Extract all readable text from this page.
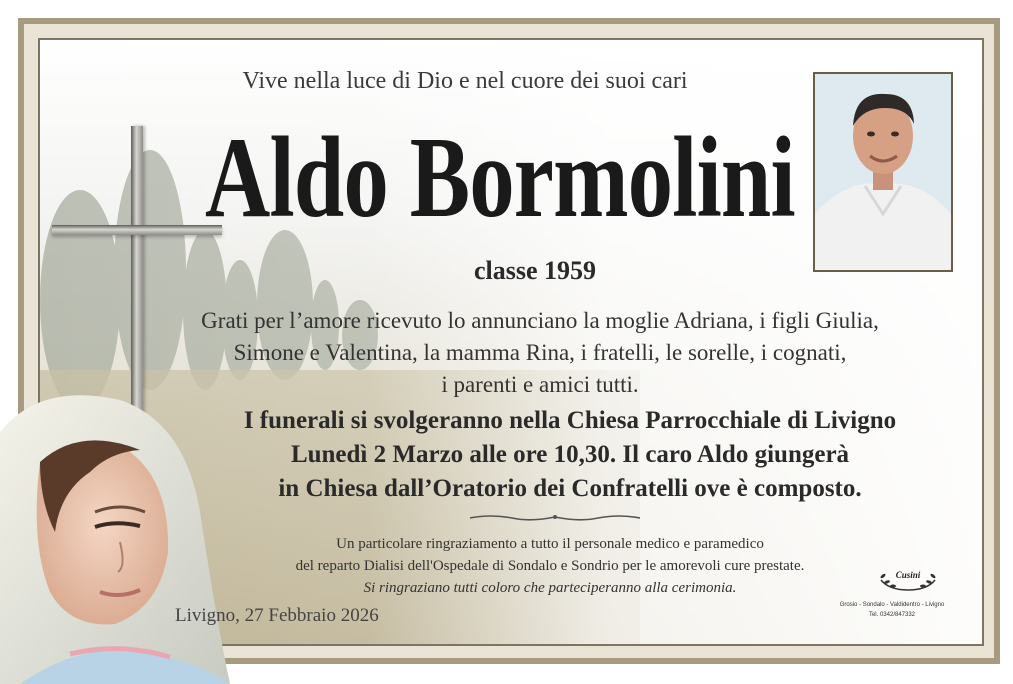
Vive nella luce di Dio e nel cuore dei suoi cari

Aldo Bormolini

classe 1959

Grati per l’amore ricevuto lo annunciano la moglie Adriana, i figli Giulia,
Simone e Valentina, la mamma Rina, i fratelli, le sorelle, i cognati,
i parenti e amici tutti.
I funerali si svolgeranno nella Chiesa Parrocchiale di Livigno
Lunedì 2 Marzo alle ore 10,30. Il caro Aldo giungerà
in Chiesa dall’Oratorio dei Confratelli ove è composto.
Un particolare ringraziamento a tutto il personale medico e paramedico
del reparto Dialisi dell'Ospedale di Sondalo e Sondrio per le amorevoli cure prestate.
Si ringraziano tutti coloro che parteciperanno alla cerimonia.

Livigno, 27 Febbraio 2026

Cusini

Grosio - Sondalo - Valdidentro - Livigno
Tel. 0342/847332
